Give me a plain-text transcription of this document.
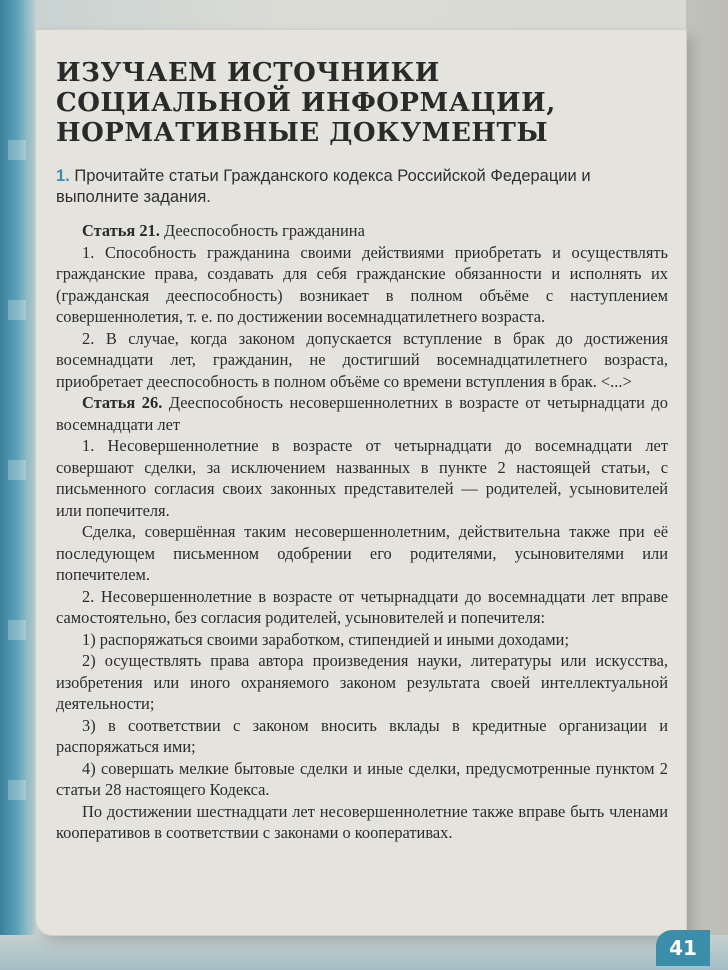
ИЗУЧАЕМ ИСТОЧНИКИ
СОЦИАЛЬНОЙ ИНФОРМАЦИИ,
НОРМАТИВНЫЕ ДОКУМЕНТЫ
1. Прочитайте статьи Гражданского кодекса Российской Федерации и выполните задания.

Статья 21. Дееспособность гражданина

1. Способность гражданина своими действиями приобретать и осуществлять гражданские права, создавать для себя гражданские обязанности и исполнять их (гражданская дееспособность) возникает в полном объёме с наступлением совершеннолетия, т. е. по достижении восемнадцатилетнего возраста.

2. В случае, когда законом допускается вступление в брак до достижения восемнадцати лет, гражданин, не достигший восемнадцатилетнего возраста, приобретает дееспособность в полном объёме со времени вступления в брак. <...>

Статья 26. Дееспособность несовершеннолетних в возрасте от четырнадцати до восемнадцати лет

1. Несовершеннолетние в возрасте от четырнадцати до восемнадцати лет совершают сделки, за исключением названных в пункте 2 настоящей статьи, с письменного согласия своих законных представителей — родителей, усыновителей или попечителя.

Сделка, совершённая таким несовершеннолетним, действительна также при её последующем письменном одобрении его родителями, усыновителями или попечителем.

2. Несовершеннолетние в возрасте от четырнадцати до восемнадцати лет вправе самостоятельно, без согласия родителей, усыновителей и попечителя:

1) распоряжаться своими заработком, стипендией и иными доходами;

2) осуществлять права автора произведения науки, литературы или искусства, изобретения или иного охраняемого законом результата своей интеллектуальной деятельности;

3) в соответствии с законом вносить вклады в кредитные организации и распоряжаться ими;

4) совершать мелкие бытовые сделки и иные сделки, предусмотренные пунктом 2 статьи 28 настоящего Кодекса.

По достижении шестнадцати лет несовершеннолетние также вправе быть членами кооперативов в соответствии с законами о кооперативах.

41
